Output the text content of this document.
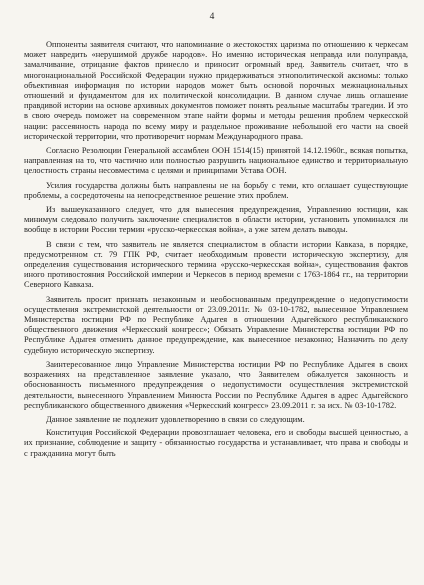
4

Оппоненты заявителя считают, что напоминание о жестокостях царизма по отношению к черкесам может навредить «нерушимой дружбе народов». Но именно историческая неправда или полуправда, замалчивание, отрицание фактов принесло и приносит огромный вред. Заявитель считает, что в многонациональной Российской Федерации нужно придерживаться этнополитической аксиомы: только объективная информация по истории народов может быть основой порочных межнациональных отношений и фундаментом для их политической консолидации. В данном случае лишь оглашение правдивой истории на основе архивных документов поможет понять реальные масштабы трагедии. И это в свою очередь поможет на современном этапе найти формы и методы решения проблем черкесской нации: рассеянность народа по всему миру и раздельное проживание небольшой его части на своей исторической территории, что противоречит нормам Международного права.

Согласно Резолюции Генеральной ассамблеи ООН 1514(15) принятой 14.12.1960г., всякая попытка, направленная на то, что частично или полностью разрушить национальное единство и территориальную целостность страны несовместима с целями и принципами Устава ООН.

Усилия государства должны быть направлены не на борьбу с теми, кто оглашает существующие проблемы, а сосредоточены на непосредственное решение этих проблем.

Из вышеуказанного следует, что для вынесения предупреждения, Управлению юстиции, как минимум следовало получить заключение специалистов в области истории, установить упоминался ли вообще в истории России термин «русско-черкесская война», а уже затем делать выводы.

В связи с тем, что заявитель не является специалистом в области истории Кавказа, в порядке, предусмотренном ст. 79 ГПК РФ, считает необходимым провести историческую экспертизу, для определения существования исторического термина «русско-черкесская война», существования фактов иного противостояния Российской империи и Черкесов в период времени с 1763-1864 гг., на территории Северного Кавказа.

Заявитель просит признать незаконным и необоснованным предупреждение о недопустимости осуществления экстремистской деятельности от 23.09.2011г. № 03-10-1782, вынесенное Управлением Министерства юстиции РФ по Республике Адыгея в отношении Адыгейского республиканского общественного движения «Черкесский конгресс»; Обязать Управление Министерства юстиции РФ по Республике Адыгея отменить данное предупреждение, как вынесенное незаконно; Назначить по делу судебную историческую экспертизу.

Заинтересованное лицо Управление Министерства юстиции РФ по Республике Адыгея в своих возражениях на представленное заявление указало, что Заявителем обжалуется законность и обоснованность письменного предупреждения о недопустимости осуществления экстремистской деятельности, вынесенного Управлением Минюста России по Республике Адыгея в адрес Адыгейского республиканского общественного движения «Черкесский конгресс» 23.09.2011 г. за исх. № 03-10-1782.

Данное заявление не подлежит удовлетворению в связи со следующим.

Конституция Российской Федерации провозглашает человека, его и свободы высшей ценностью, а их признание, соблюдение и защиту - обязанностью государства и устанавливает, что права и свободы и с гражданина могут быть
